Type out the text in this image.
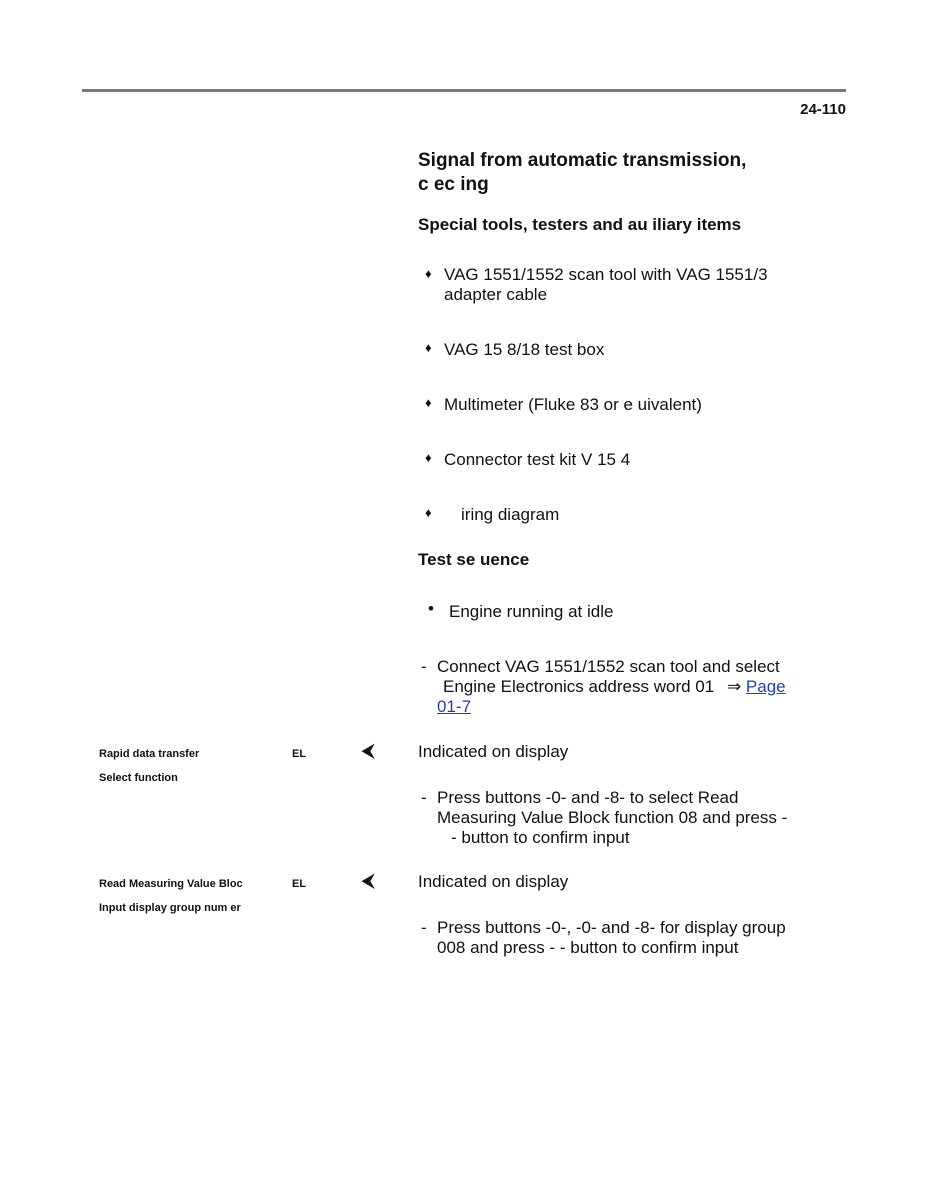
24-110
Signal from automatic transmission,
c ec ing
Special tools, testers and au iliary items
♦ VAG 1551/1552 scan tool with VAG 1551/3
adapter cable
♦ VAG 15 8/18 test box
♦ Multimeter (Fluke 83 or e uivalent)
♦ Connector test kit V 15 4
♦ iring diagram
Test se uence
• Engine running at idle
- Connect VAG 1551/1552 scan tool and select
Engine Electronics address word 01 ⇒ Page
01-7
Rapid data transfer	EL
Select function
⮜	Indicated on display
- Press buttons -0- and -8- to select Read
Measuring Value Block function 08 and press -
- button to confirm input
Read Measuring Value Bloc	EL
Input display group num er
⮜	Indicated on display
- Press buttons -0-, -0- and -8- for display group
008 and press - - button to confirm input
